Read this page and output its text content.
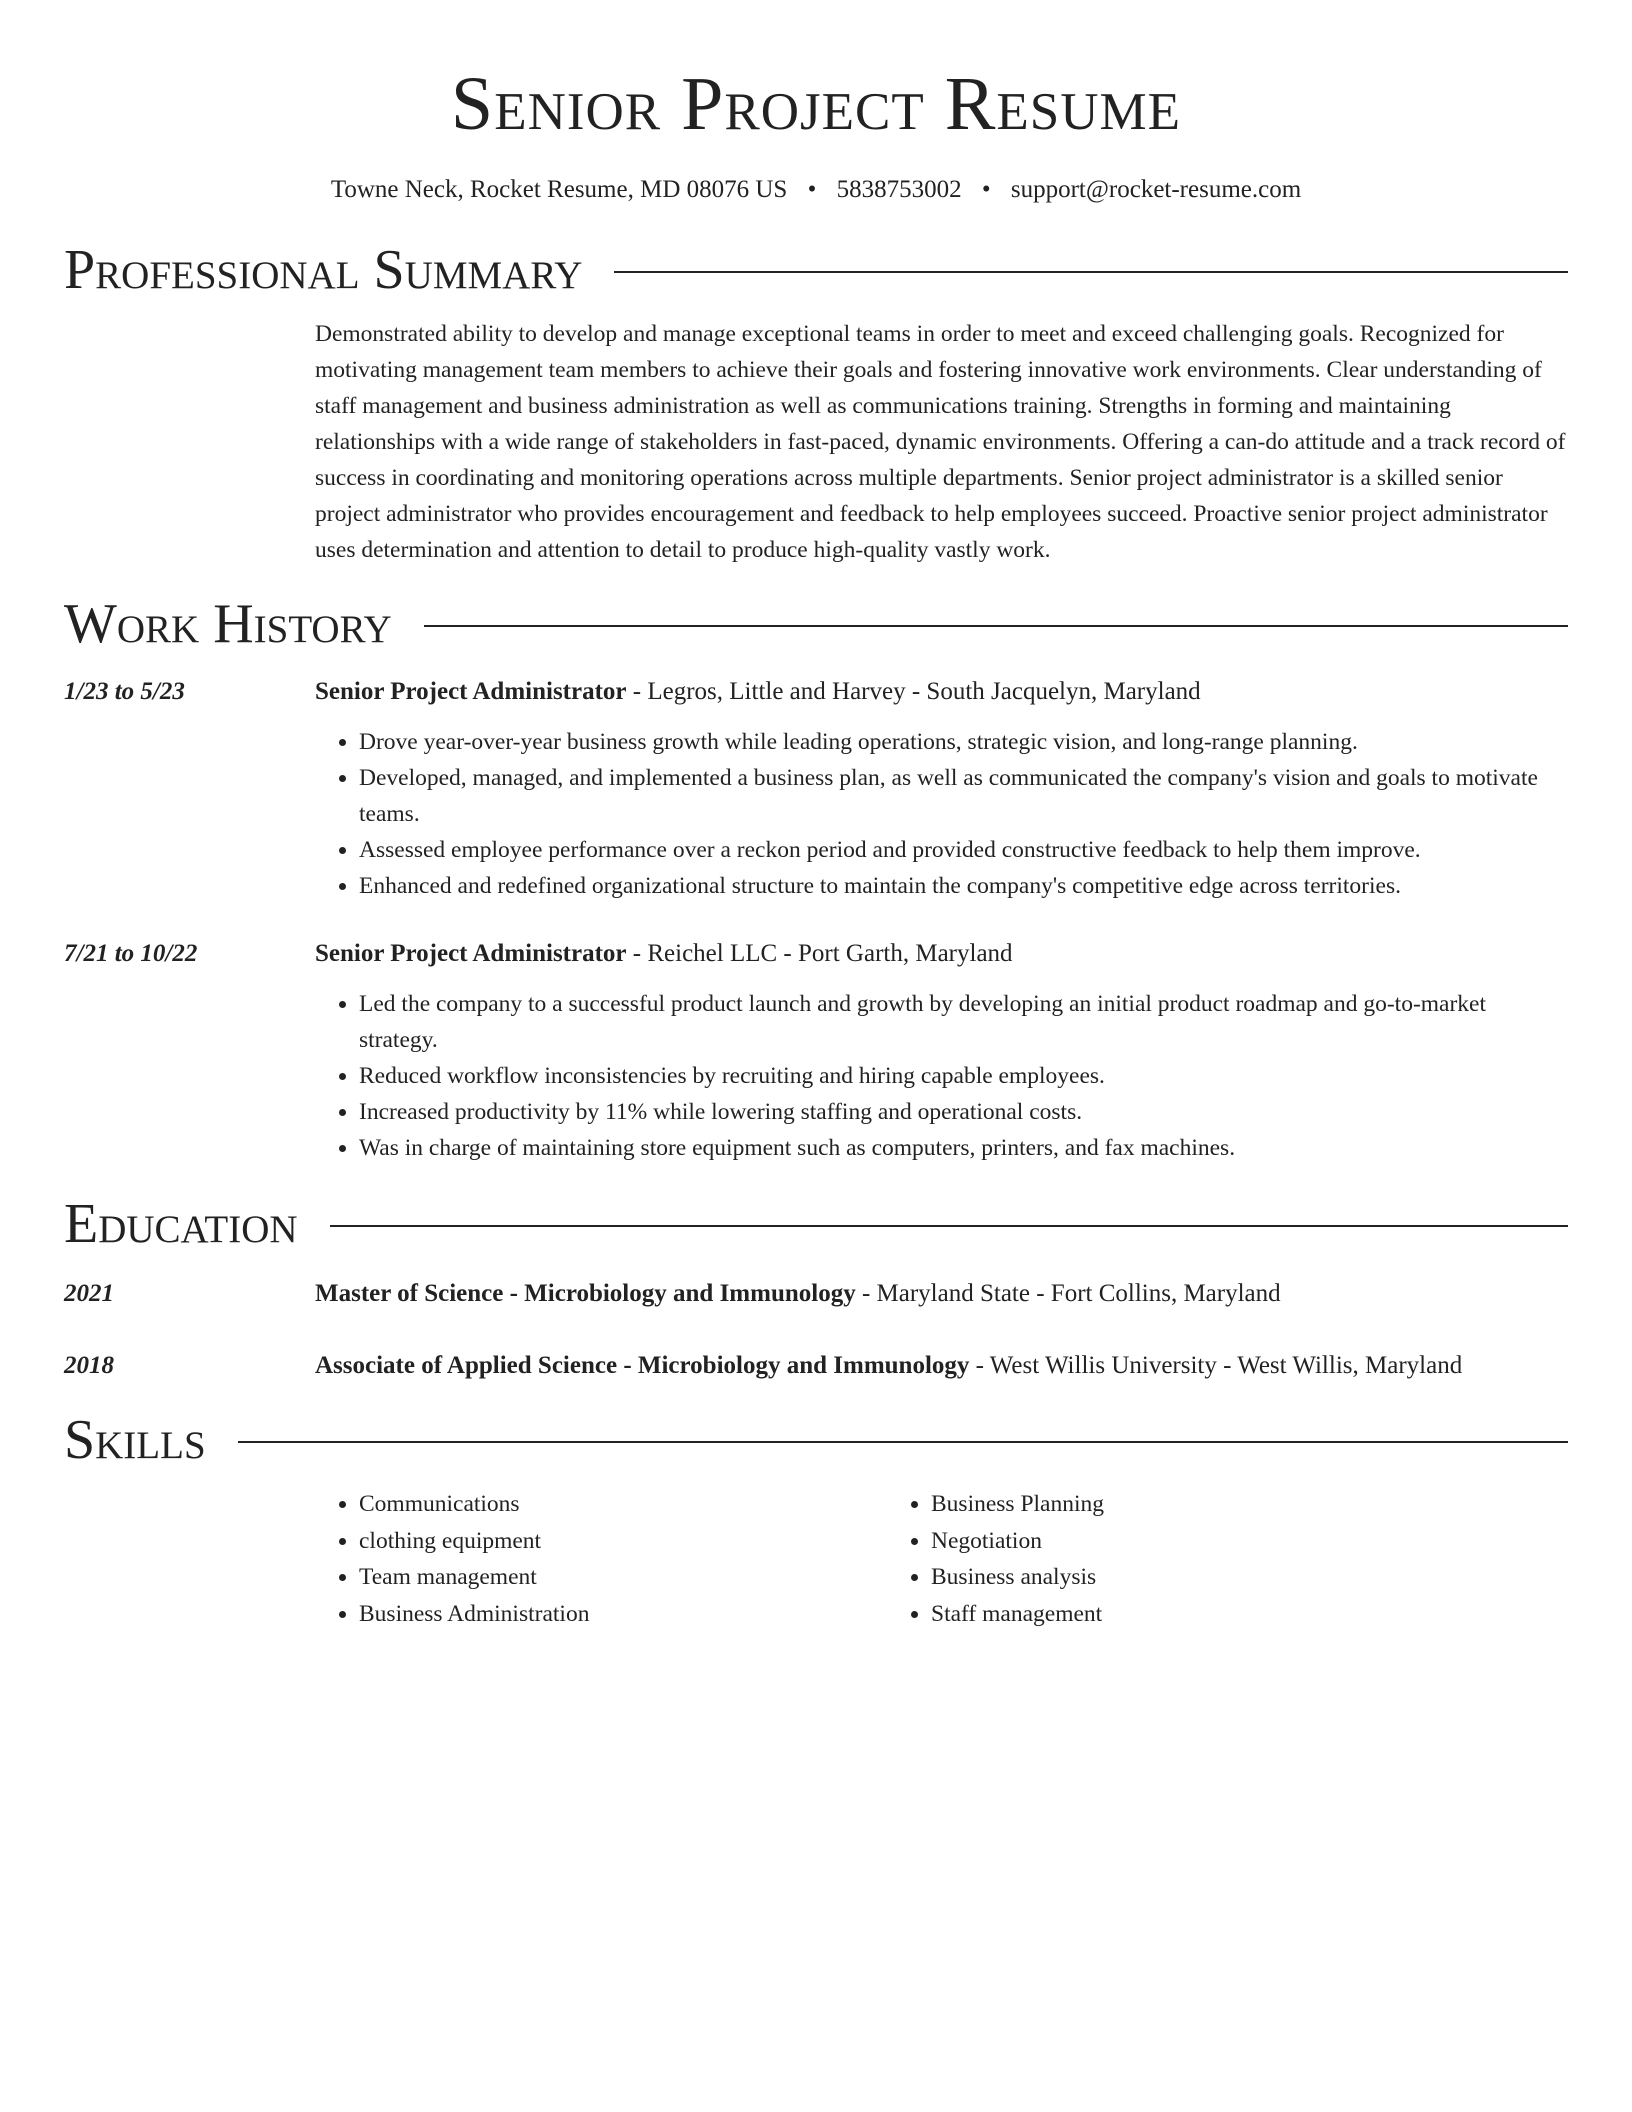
Senior Project Resume
Towne Neck, Rocket Resume, MD 08076 US • 5838753002 • support@rocket-resume.com
Professional Summary
Demonstrated ability to develop and manage exceptional teams in order to meet and exceed challenging goals. Recognized for motivating management team members to achieve their goals and fostering innovative work environments. Clear understanding of staff management and business administration as well as communications training. Strengths in forming and maintaining relationships with a wide range of stakeholders in fast-paced, dynamic environments. Offering a can-do attitude and a track record of success in coordinating and monitoring operations across multiple departments. Senior project administrator is a skilled senior project administrator who provides encouragement and feedback to help employees succeed. Proactive senior project administrator uses determination and attention to detail to produce high-quality vastly work.
Work History
1/23 to 5/23	Senior Project Administrator - Legros, Little and Harvey - South Jacquelyn, Maryland
• Drove year-over-year business growth while leading operations, strategic vision, and long-range planning.
• Developed, managed, and implemented a business plan, as well as communicated the company's vision and goals to motivate teams.
• Assessed employee performance over a reckon period and provided constructive feedback to help them improve.
• Enhanced and redefined organizational structure to maintain the company's competitive edge across territories.
7/21 to 10/22	Senior Project Administrator - Reichel LLC - Port Garth, Maryland
• Led the company to a successful product launch and growth by developing an initial product roadmap and go-to-market strategy.
• Reduced workflow inconsistencies by recruiting and hiring capable employees.
• Increased productivity by 11% while lowering staffing and operational costs.
• Was in charge of maintaining store equipment such as computers, printers, and fax machines.
Education
2021	Master of Science - Microbiology and Immunology - Maryland State - Fort Collins, Maryland
2018	Associate of Applied Science - Microbiology and Immunology - West Willis University - West Willis, Maryland
Skills
• Communications
• clothing equipment
• Team management
• Business Administration
• Business Planning
• Negotiation
• Business analysis
• Staff management
